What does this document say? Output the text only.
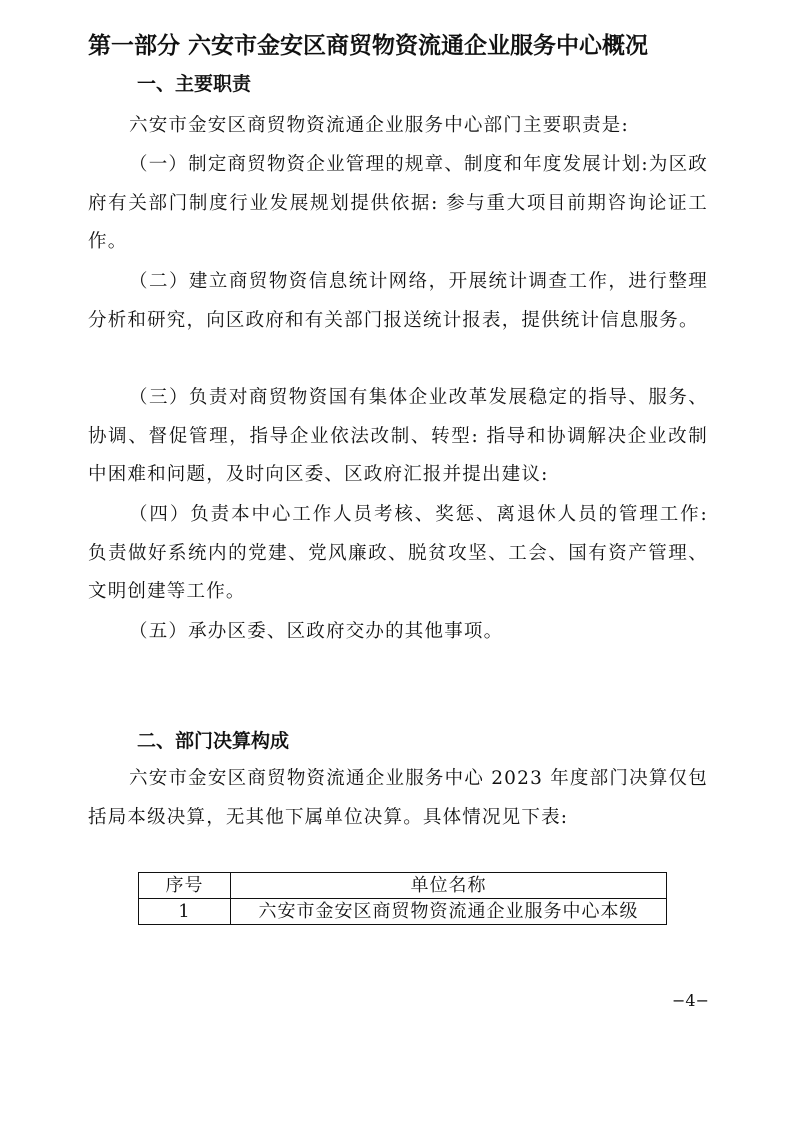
第一部分 六安市金安区商贸物资流通企业服务中心概况
一、主要职责

六安市金安区商贸物资流通企业服务中心部门主要职责是:

（一）制定商贸物资企业管理的规章、制度和年度发展计划:为区政府有关部门制度行业发展规划提供依据: 参与重大项目前期咨询论证工作。

（二）建立商贸物资信息统计网络，开展统计调查工作，进行整理分析和研究，向区政府和有关部门报送统计报表，提供统计信息服务。

（三）负责对商贸物资国有集体企业改革发展稳定的指导、服务、协调、督促管理，指导企业依法改制、转型: 指导和协调解决企业改制中困难和问题，及时向区委、区政府汇报并提出建议:

（四）负责本中心工作人员考核、奖惩、离退休人员的管理工作: 负责做好系统内的党建、党风廉政、脱贫攻坚、工会、国有资产管理、文明创建等工作。

（五）承办区委、区政府交办的其他事项。

二、部门决算构成

六安市金安区商贸物资流通企业服务中心 2023 年度部门决算仅包括局本级决算，无其他下属单位决算。具体情况见下表:

序号	单位名称
1	六安市金安区商贸物资流通企业服务中心本级
−4−
